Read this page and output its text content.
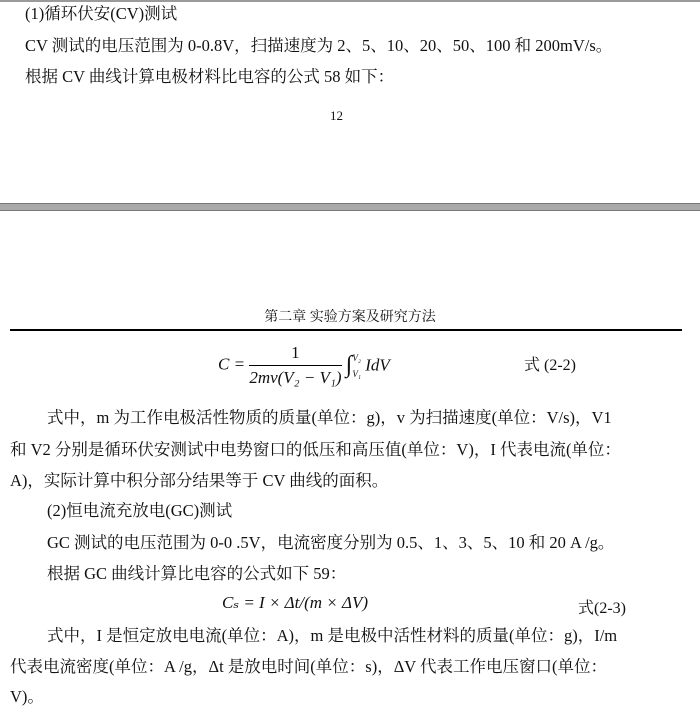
(1)循环伏安(CV)测试
CV 测试的电压范围为 0-0.8V，扫描速度为 2、5、10、20、50、100 和 200mV/s。
根据 CV 曲线计算电极材料比电容的公式 58 如下：
12
第二章 实验方案及研究方法
$C = \frac{1}{\text{2mv(V₂ − V₁)}}$ ∫ V₂
V₁ IdV	式 (2-2)
式中，m 为工作电极活性物质的质量(单位：g)，v 为扫描速度(单位：V/s)，V1
和 V2 分别是循环伏安测试中电势窗口的低压和高压值(单位：V)，I 代表电流(单位：
A)，实际计算中积分部分结果等于 CV 曲线的面积。
(2)恒电流充放电(GC)测试
GC 测试的电压范围为 0-0 .5V，电流密度分别为 0.5、1、3、5、10 和 20 A /g。
根据 GC 曲线计算比电容的公式如下 59：
Cₛ = I × Δt/(m × ΔV)	式(2-3)
式中，I 是恒定放电电流(单位：A)，m 是电极中活性材料的质量(单位：g)，I/m
代表电流密度(单位：A /g，Δt 是放电时间(单位：s)，ΔV 代表工作电压窗口(单位：
V)。
